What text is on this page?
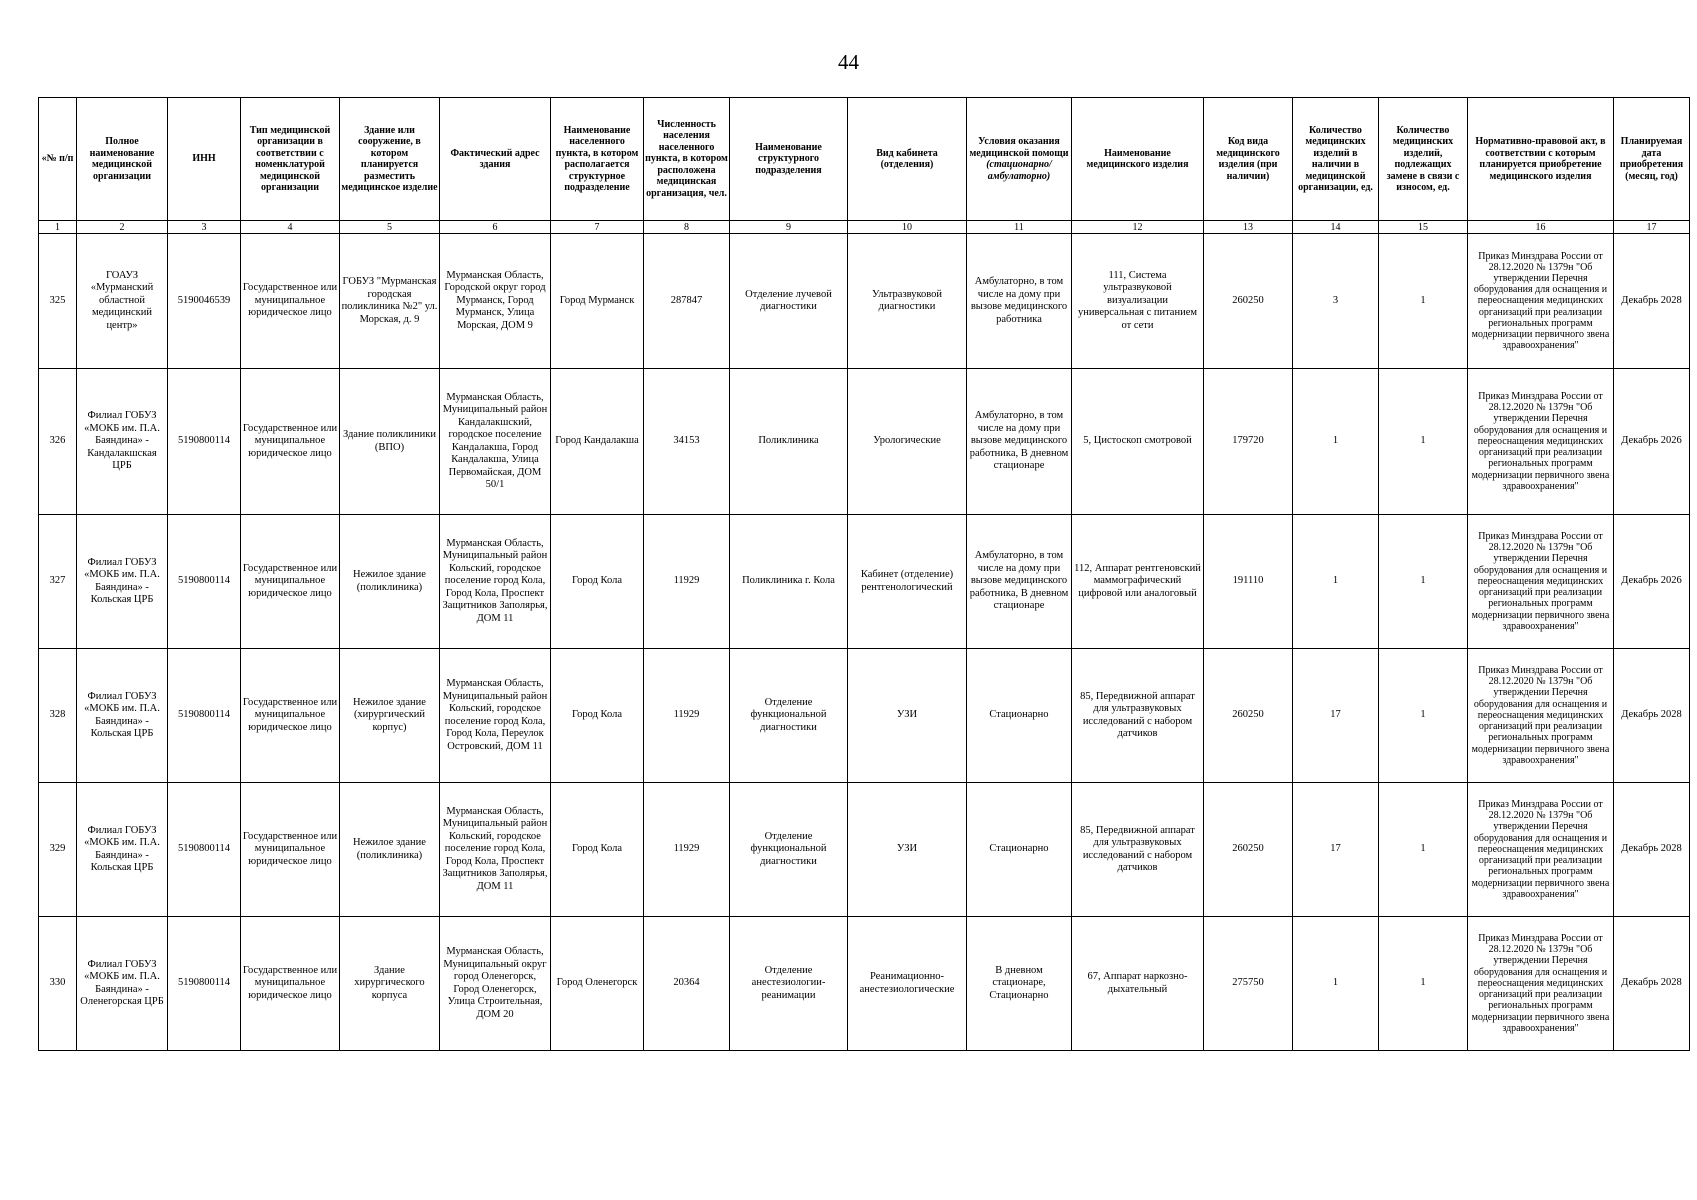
44
«№ п/п	Полное наименование медицинской организации	ИНН	Тип медицинской организации в соответствии с номенклатурой медицинской организации	Здание или сооружение, в котором планируется разместить медицинское изделие	Фактический адрес здания	Наименование населенного пункта, в котором располагается структурное подразделение	Численность населения населенного пункта, в котором расположена медицинская организация, чел.	Наименование структурного подразделения	Вид кабинета (отделения)	Условия оказания медицинской помощи (стационарно/ амбулаторно)	Наименование медицинского изделия	Код вида медицинского изделия (при наличии)	Количество медицинских изделий в наличии в медицинской организации, ед.	Количество медицинских изделий, подлежащих замене в связи с износом, ед.	Нормативно-правовой акт, в соответствии с которым планируется приобретение медицинского изделия	Планируемая дата приобретения (месяц, год)
1	2	3	4	5	6	7	8	9	10	11	12	13	14	15	16	17
325	ГОАУЗ «Мурманский областной медицинский центр»	5190046539	Государственное или муниципальное юридическое лицо	ГОБУЗ "Мурманская городская поликлиника №2" ул. Морская, д. 9	Мурманская Область, Городской округ город Мурманск, Город Мурманск, Улица Морская, ДОМ 9	Город Мурманск	287847	Отделение лучевой диагностики	Ультразвуковой диагностики	Амбулаторно, в том числе на дому при вызове медицинского работника	111, Система ультразвуковой визуализации универсальная с питанием от сети	260250	3	1	Приказ Минздрава России от 28.12.2020 № 1379н "Об утверждении Перечня оборудования для оснащения и переоснащения медицинских организаций при реализации региональных программ модернизации первичного звена здравоохранения"	Декабрь 2028
326	Филиал ГОБУЗ «МОКБ им. П.А. Баяндина» - Кандалакшская ЦРБ	5190800114	Государственное или муниципальное юридическое лицо	Здание поликлиники (ВПО)	Мурманская Область, Муниципальный район Кандалакшский, городское поселение Кандалакша, Город Кандалакша, Улица Первомайская, ДОМ 50/1	Город Кандалакша	34153	Поликлиника	Урологические	Амбулаторно, в том числе на дому при вызове медицинского работника, В дневном стационаре	5, Цистоскоп смотровой	179720	1	1	Приказ Минздрава России от 28.12.2020 № 1379н "Об утверждении Перечня оборудования для оснащения и переоснащения медицинских организаций при реализации региональных программ модернизации первичного звена здравоохранения"	Декабрь 2026
327	Филиал ГОБУЗ «МОКБ им. П.А. Баяндина» - Кольская ЦРБ	5190800114	Государственное или муниципальное юридическое лицо	Нежилое здание (поликлиника)	Мурманская Область, Муниципальный район Кольский, городское поселение город Кола, Город Кола, Проспект Защитников Заполярья, ДОМ 11	Город Кола	11929	Поликлиника г. Кола	Кабинет (отделение) рентгенологический	Амбулаторно, в том числе на дому при вызове медицинского работника, В дневном стационаре	112, Аппарат рентгеновский маммографический цифровой или аналоговый	191110	1	1	Приказ Минздрава России от 28.12.2020 № 1379н "Об утверждении Перечня оборудования для оснащения и переоснащения медицинских организаций при реализации региональных программ модернизации первичного звена здравоохранения"	Декабрь 2026
328	Филиал ГОБУЗ «МОКБ им. П.А. Баяндина» - Кольская ЦРБ	5190800114	Государственное или муниципальное юридическое лицо	Нежилое здание (хирургический корпус)	Мурманская Область, Муниципальный район Кольский, городское поселение город Кола, Город Кола, Переулок Островский, ДОМ 11	Город Кола	11929	Отделение функциональной диагностики	УЗИ	Стационарно	85, Передвижной аппарат для ультразвуковых исследований с набором датчиков	260250	17	1	Приказ Минздрава России от 28.12.2020 № 1379н "Об утверждении Перечня оборудования для оснащения и переоснащения медицинских организаций при реализации региональных программ модернизации первичного звена здравоохранения"	Декабрь 2028
329	Филиал ГОБУЗ «МОКБ им. П.А. Баяндина» - Кольская ЦРБ	5190800114	Государственное или муниципальное юридическое лицо	Нежилое здание (поликлиника)	Мурманская Область, Муниципальный район Кольский, городское поселение город Кола, Город Кола, Проспект Защитников Заполярья, ДОМ 11	Город Кола	11929	Отделение функциональной диагностики	УЗИ	Стационарно	85, Передвижной аппарат для ультразвуковых исследований с набором датчиков	260250	17	1	Приказ Минздрава России от 28.12.2020 № 1379н "Об утверждении Перечня оборудования для оснащения и переоснащения медицинских организаций при реализации региональных программ модернизации первичного звена здравоохранения"	Декабрь 2028
330	Филиал ГОБУЗ «МОКБ им. П.А. Баяндина» - Оленегорская ЦРБ	5190800114	Государственное или муниципальное юридическое лицо	Здание хирургического корпуса	Мурманская Область, Муниципальный округ город Оленегорск, Город Оленегорск, Улица Строительная, ДОМ 20	Город Оленегорск	20364	Отделение анестезиологии-реанимации	Реанимационно-анестезиологические	В дневном стационаре, Стационарно	67, Аппарат наркозно-дыхательный	275750	1	1	Приказ Минздрава России от 28.12.2020 № 1379н "Об утверждении Перечня оборудования для оснащения и переоснащения медицинских организаций при реализации региональных программ модернизации первичного звена здравоохранения"	Декабрь 2028
